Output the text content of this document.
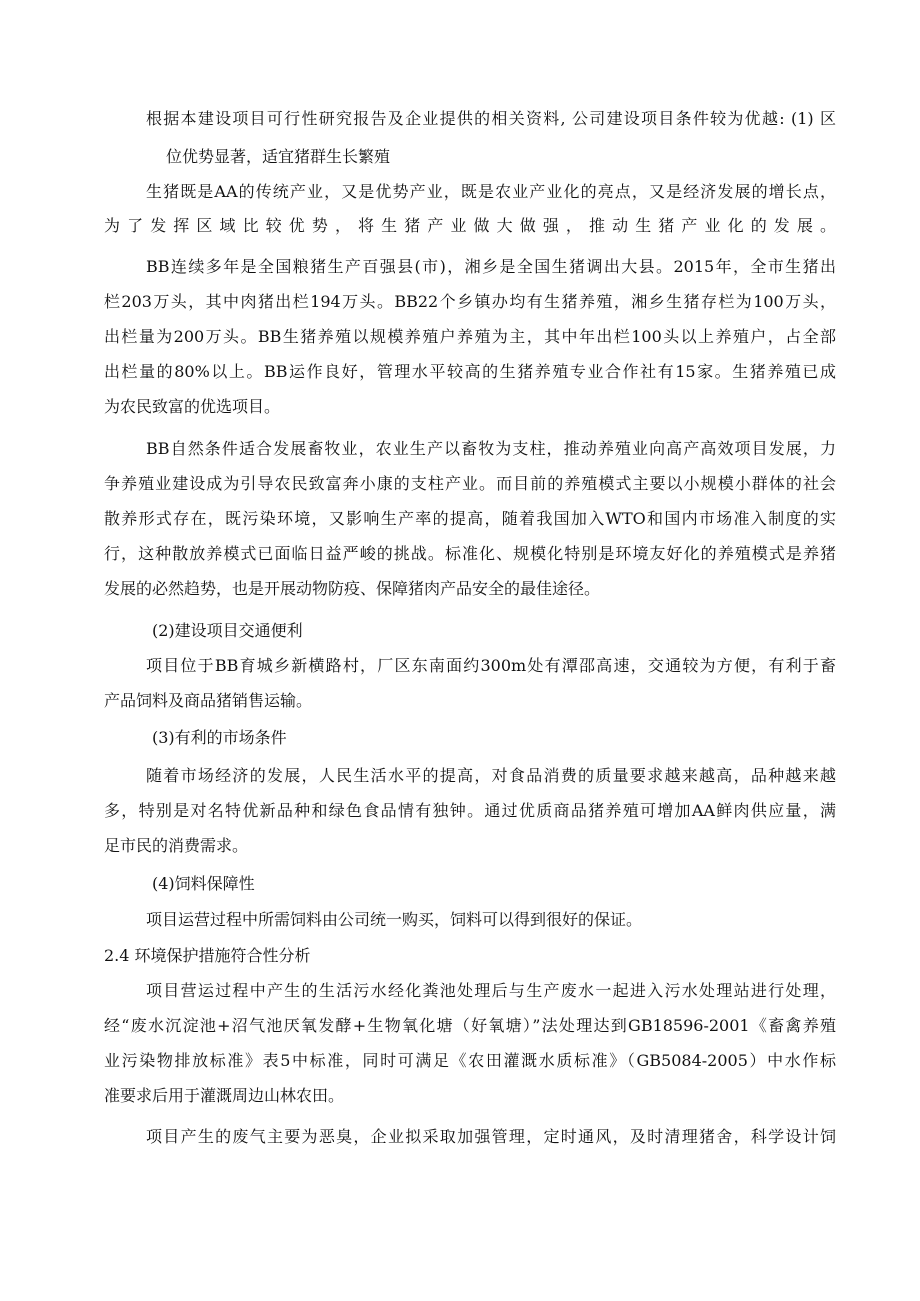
根据本建设项目可行性研究报告及企业提供的相关资料, 公司建设项目条件较为优越: (1) 区
位优势显著，适宜猪群生长繁殖
生猪既是AA的传统产业，又是优势产业，既是农业产业化的亮点，又是经济发展的增长点，
为了发挥区域比较优势，将生猪产业做大做强，推动生猪产业化的发展。
BB连续多年是全国粮猪生产百强县(市)，湘乡是全国生猪调出大县。2015年，全市生猪出
栏203万头，其中肉猪出栏194万头。BB22个乡镇办均有生猪养殖，湘乡生猪存栏为100万头，
出栏量为200万头。BB生猪养殖以规模养殖户养殖为主，其中年出栏100头以上养殖户，占全部
出栏量的80%以上。BB运作良好，管理水平较高的生猪养殖专业合作社有15家。生猪养殖已成
为农民致富的优选项目。
BB自然条件适合发展畜牧业，农业生产以畜牧为支柱，推动养殖业向高产高效项目发展，力
争养殖业建设成为引导农民致富奔小康的支柱产业。而目前的养殖模式主要以小规模小群体的社会
散养形式存在，既污染环境，又影响生产率的提高，随着我国加入WTO和国内市场准入制度的实
行，这种散放养模式已面临日益严峻的挑战。标准化、规模化特别是环境友好化的养殖模式是养猪
发展的必然趋势，也是开展动物防疫、保障猪肉产品安全的最佳途径。
(2)建设项目交通便利
项目位于BB育城乡新横路村，厂区东南面约300m处有潭邵高速，交通较为方便，有利于畜
产品饲料及商品猪销售运输。
(3)有利的市场条件
随着市场经济的发展，人民生活水平的提高，对食品消费的质量要求越来越高，品种越来越
多，特别是对名特优新品种和绿色食品情有独钟。通过优质商品猪养殖可增加AA鲜肉供应量，满
足市民的消费需求。
(4)饲料保障性
项目运营过程中所需饲料由公司统一购买，饲料可以得到很好的保证。
2.4 环境保护措施符合性分析
项目营运过程中产生的生活污水经化粪池处理后与生产废水一起进入污水处理站进行处理，
经“废水沉淀池+沼气池厌氧发酵+生物氧化塘（好氧塘）”法处理达到GB18596-2001《畜禽养殖
业污染物排放标准》表5中标准，同时可满足《农田灌溉水质标准》（GB5084-2005）中水作标
准要求后用于灌溉周边山林农田。
项目产生的废气主要为恶臭，企业拟采取加强管理，定时通风，及时清理猪舍，科学设计饲
